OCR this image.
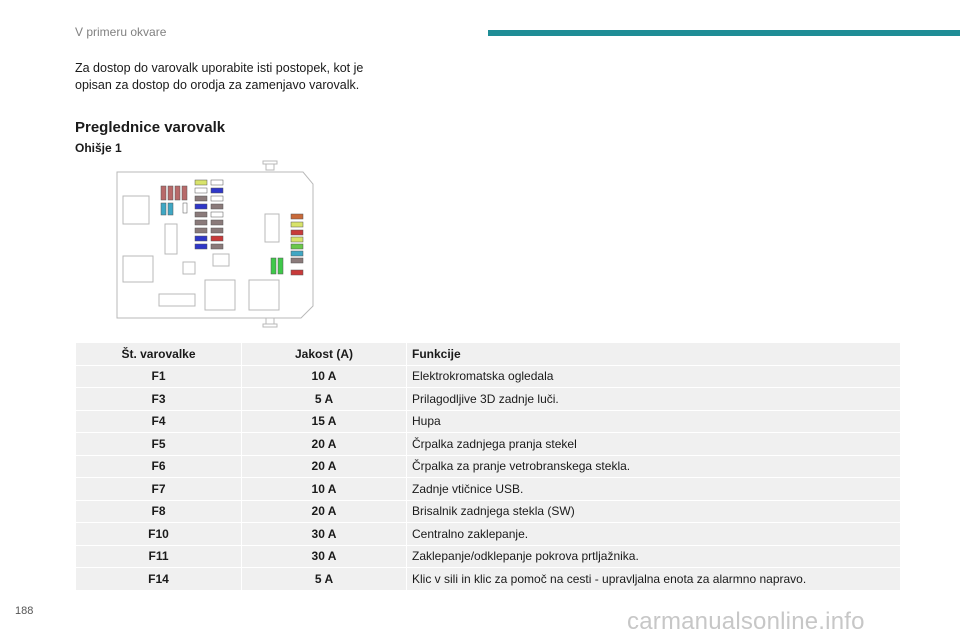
V primeru okvare
Za dostop do varovalk uporabite isti postopek, kot je opisan za dostop do orodja za zamenjavo varovalk.
Preglednice varovalk
Ohišje 1
Št. varovalke	Jakost (A)	Funkcije
F1	10 A	Elektrokromatska ogledala
F3	5 A	Prilagodljive 3D zadnje luči.
F4	15 A	Hupa
F5	20 A	Črpalka zadnjega pranja stekel
F6	20 A	Črpalka za pranje vetrobranskega stekla.
F7	10 A	Zadnje vtičnice USB.
F8	20 A	Brisalnik zadnjega stekla (SW)
F10	30 A	Centralno zaklepanje.
F11	30 A	Zaklepanje/odklepanje pokrova prtljažnika.
F14	5 A	Klic v sili in klic za pomoč na cesti - upravljalna enota za alarmno napravo.
188	carmanualsonline.info
